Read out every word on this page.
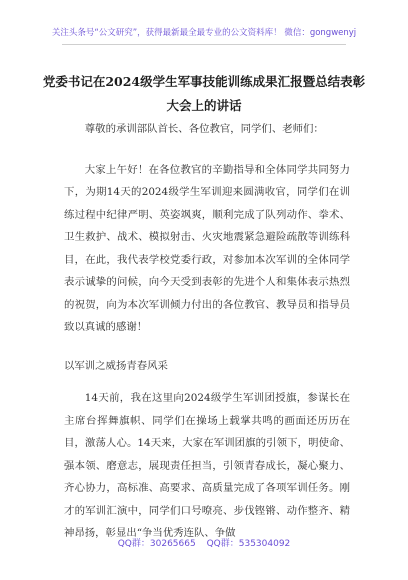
关注头条号“公文研究”，获得最新最全最专业的公文资料库！ 微信：gongwenyj
党委书记在2024级学生军事技能训练成果汇报暨总结表彰
大会上的讲话

尊敬的承训部队首长、各位教官，同学们、老师们：

大家上午好！在各位教官的辛勤指导和全体同学共同努力下，为期14天的2024级学生军训迎来圆满收官，同学们在训练过程中纪律严明、英姿飒爽，顺利完成了队列动作、拳术、卫生救护、战术、模拟射击、火灾地震紧急避险疏散等训练科目，在此，我代表学校党委行政，对参加本次军训的全体同学表示诚挚的问候，向今天受到表彰的先进个人和集体表示热烈的祝贺，向为本次军训倾力付出的各位教官、教导员和指导员致以真诚的感谢！

以军训之威扬青春风采

14天前，我在这里向2024级学生军训团授旗，参谋长在主席台挥舞旗帜、同学们在操场上载掌共鸣的画面还历历在目，激荡人心。14天来，大家在军训团旗的引领下，明使命、强本领、磨意志，展现责任担当，引领青春成长，凝心聚力、齐心协力，高标准、高要求、高质量完成了各项军训任务。刚才的军训汇演中，同学们口号嘹亮、步伐铿锵、动作整齐、精神昂扬，彰显出“争当优秀连队、争做

QQ群：30265665 QQ群：535304092
